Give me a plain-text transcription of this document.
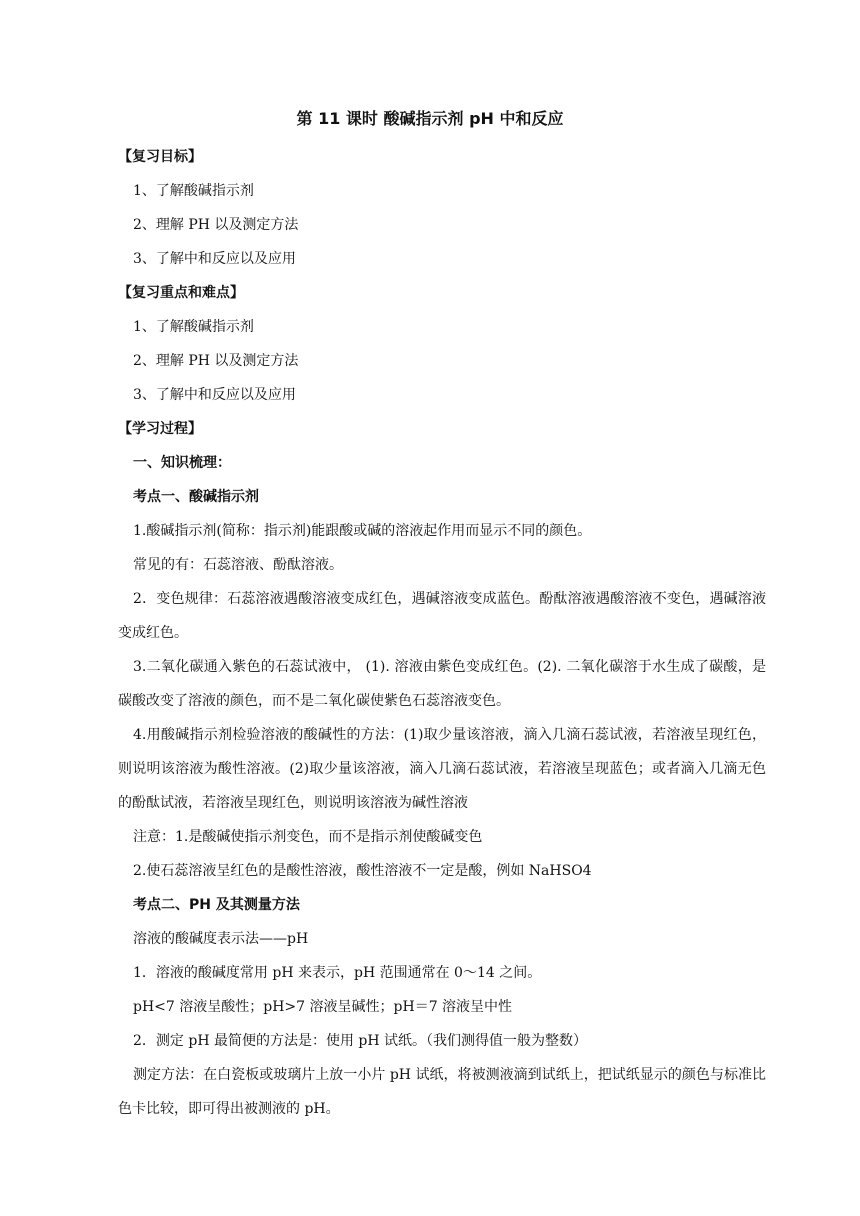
第 11 课时 酸碱指示剂 pH 中和反应
【复习目标】
1、了解酸碱指示剂
2、理解 PH 以及测定方法
3、了解中和反应以及应用
【复习重点和难点】
1、了解酸碱指示剂
2、理解 PH 以及测定方法
3、了解中和反应以及应用
【学习过程】
一、知识梳理：
考点一、酸碱指示剂
1.酸碱指示剂(简称：指示剂)能跟酸或碱的溶液起作用而显示不同的颜色。
常见的有：石蕊溶液、酚酞溶液。
2．变色规律：石蕊溶液遇酸溶液变成红色，遇碱溶液变成蓝色。酚酞溶液遇酸溶液不变色，遇碱溶液变成红色。
3.二氧化碳通入紫色的石蕊试液中， (1). 溶液由紫色变成红色。(2). 二氧化碳溶于水生成了碳酸，是碳酸改变了溶液的颜色，而不是二氧化碳使紫色石蕊溶液变色。
4.用酸碱指示剂检验溶液的酸碱性的方法：(1)取少量该溶液，滴入几滴石蕊试液，若溶液呈现红色，则说明该溶液为酸性溶液。(2)取少量该溶液，滴入几滴石蕊试液，若溶液呈现蓝色；或者滴入几滴无色的酚酞试液，若溶液呈现红色，则说明该溶液为碱性溶液
注意：1.是酸碱使指示剂变色，而不是指示剂使酸碱变色
2.使石蕊溶液呈红色的是酸性溶液，酸性溶液不一定是酸，例如 NaHSO4
考点二、PH 及其测量方法
溶液的酸碱度表示法——pH
1．溶液的酸碱度常用 pH 来表示，pH 范围通常在 0～14 之间。
pH<7 溶液呈酸性；pH>7 溶液呈碱性；pH＝7 溶液呈中性
2．测定 pH 最简便的方法是：使用 pH 试纸。（我们测得值一般为整数）
测定方法：在白瓷板或玻璃片上放一小片 pH 试纸，将被测液滴到试纸上，把试纸显示的颜色与标准比色卡比较，即可得出被测液的 pH。
